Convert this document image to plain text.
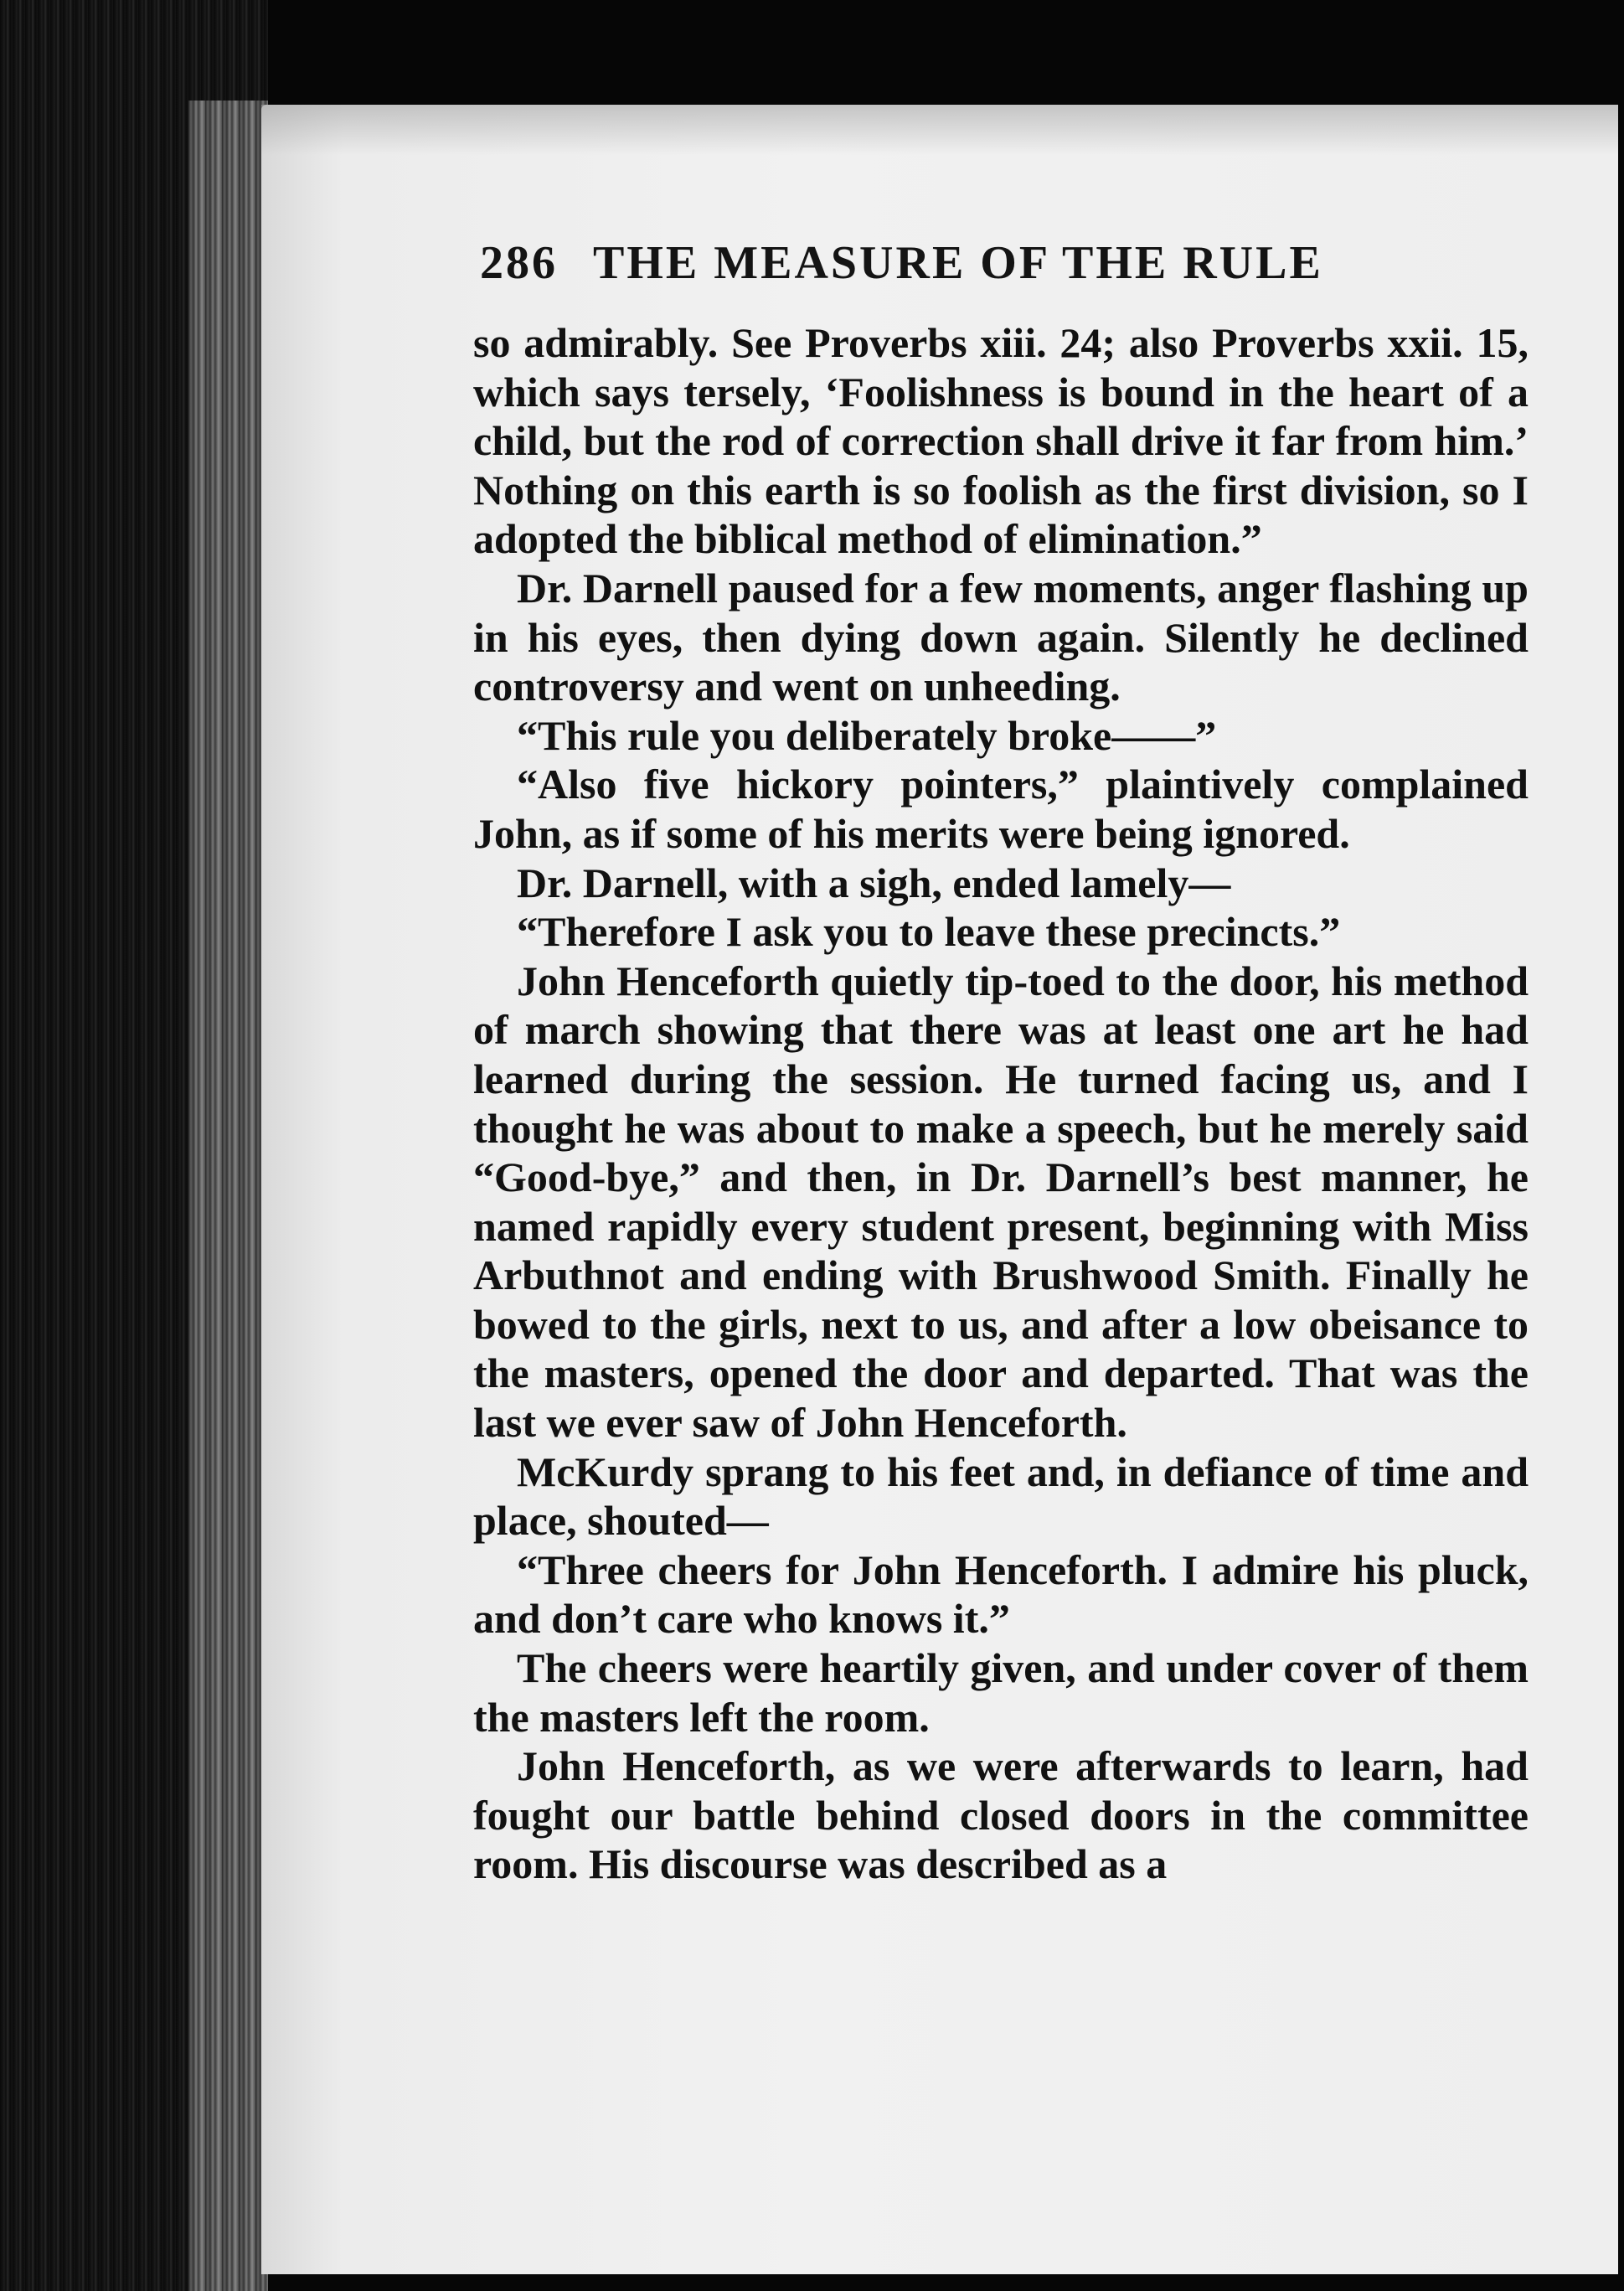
286 THE MEASURE OF THE RULE

so admirably. See Proverbs xiii. 24; also Proverbs xxii. 15, which says tersely, ‘Foolishness is bound in the heart of a child, but the rod of correction shall drive it far from him.’ Nothing on this earth is so foolish as the first division, so I adopted the biblical method of elimination.”

Dr. Darnell paused for a few moments, anger flashing up in his eyes, then dying down again. Silently he declined controversy and went on unheeding.

“This rule you deliberately broke——”

“Also five hickory pointers,” plaintively complained John, as if some of his merits were being ignored.

Dr. Darnell, with a sigh, ended lamely—

“Therefore I ask you to leave these precincts.”

John Henceforth quietly tip-toed to the door, his method of march showing that there was at least one art he had learned during the session. He turned facing us, and I thought he was about to make a speech, but he merely said “Good-bye,” and then, in Dr. Darnell’s best manner, he named rapidly every student present, beginning with Miss Arbuthnot and ending with Brushwood Smith. Finally he bowed to the girls, next to us, and after a low obeisance to the masters, opened the door and departed. That was the last we ever saw of John Henceforth.

McKurdy sprang to his feet and, in defiance of time and place, shouted—

“Three cheers for John Henceforth. I admire his pluck, and don’t care who knows it.”

The cheers were heartily given, and under cover of them the masters left the room.

John Henceforth, as we were afterwards to learn, had fought our battle behind closed doors in the committee room. His discourse was described as a
